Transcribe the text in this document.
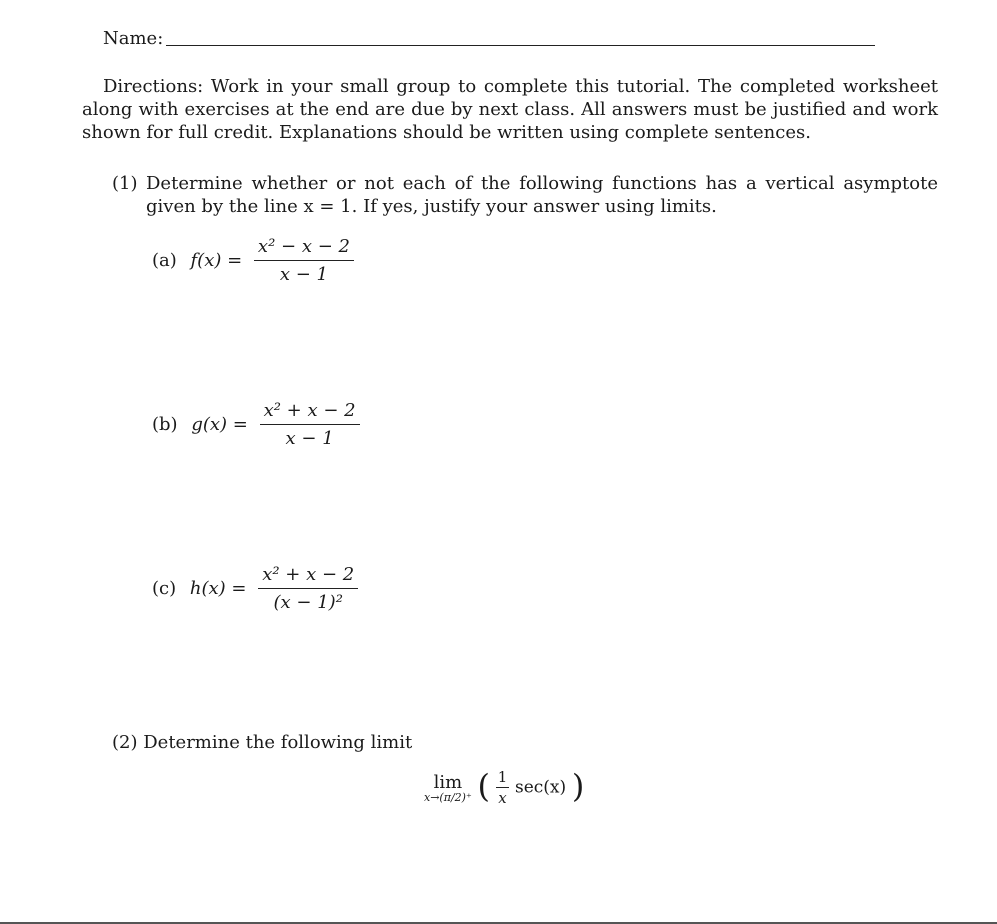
Name:
Directions: Work in your small group to complete this tutorial. The completed worksheet along with exercises at the end are due by next class. All answers must be justified and work shown for full credit. Explanations should be written using complete sentences.
(1) Determine whether or not each of the following functions has a vertical asymptote given by the line x = 1. If yes, justify your answer using limits.
(a) $f(x) = \frac{\text{x² − x − 2}}{x - 1}$
(b) $g(x) = \frac{\text{x² + x − 2}}{x - 1}$
(c) $h(x) = \frac{\text{x² + x − 2}}{\text{(x − 1)²}}$
(2) Determine the following limit
lim
x→(π/2)⁺ ( $\frac{1}{x} \sec(x)$ )
